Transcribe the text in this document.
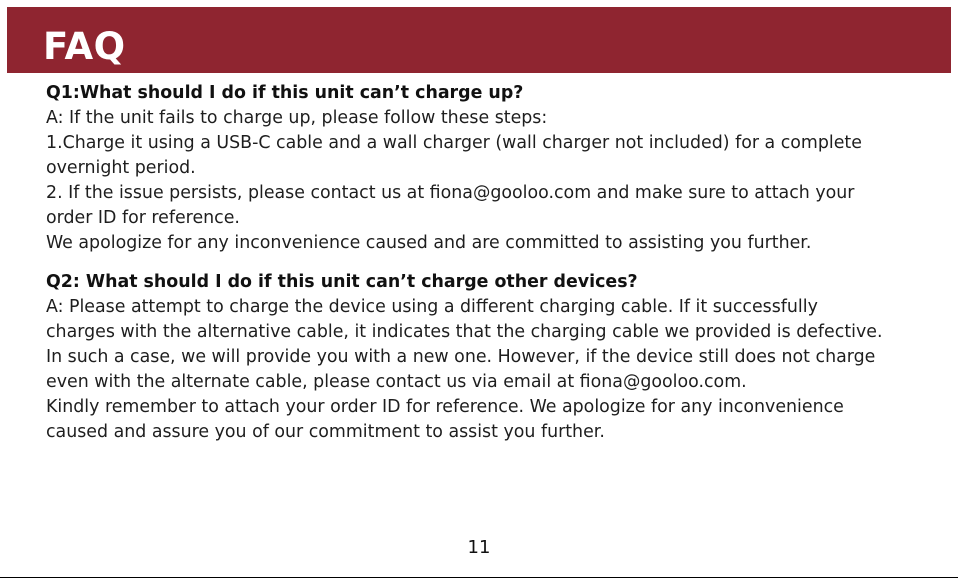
FAQ
Q1:What should I do if this unit can’t charge up?
A: If the unit fails to charge up, please follow these steps:
1.Charge it using a USB-C cable and a wall charger (wall charger not included) for a complete
overnight period.
2. If the issue persists, please contact us at fiona@gooloo.com and make sure to attach your
order ID for reference.
We apologize for any inconvenience caused and are committed to assisting you further.
Q2: What should I do if this unit can’t charge other devices?
A: Please attempt to charge the device using a different charging cable. If it successfully
charges with the alternative cable, it indicates that the charging cable we provided is defective.
In such a case, we will provide you with a new one. However, if the device still does not charge
even with the alternate cable, please contact us via email at fiona@gooloo.com.
Kindly remember to attach your order ID for reference. We apologize for any inconvenience
caused and assure you of our commitment to assist you further.
11
